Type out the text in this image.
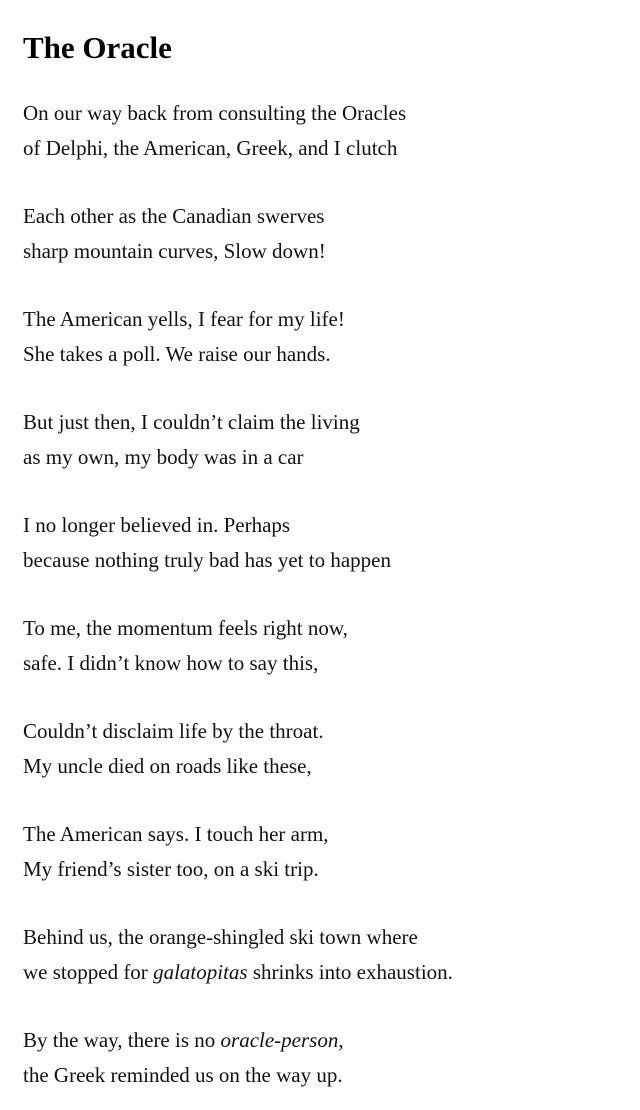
The Oracle
On our way back from consulting the Oracles
of Delphi, the American, Greek, and I clutch
Each other as the Canadian swerves
sharp mountain curves, Slow down!
The American yells, I fear for my life!
She takes a poll. We raise our hands.
But just then, I couldn’t claim the living
as my own, my body was in a car
I no longer believed in. Perhaps
because nothing truly bad has yet to happen
To me, the momentum feels right now,
safe. I didn’t know how to say this,
Couldn’t disclaim life by the throat.
My uncle died on roads like these,
The American says. I touch her arm,
My friend’s sister too, on a ski trip.
Behind us, the orange-shingled ski town where
we stopped for galatopitas shrinks into exhaustion.
By the way, there is no oracle-person,
the Greek reminded us on the way up.
